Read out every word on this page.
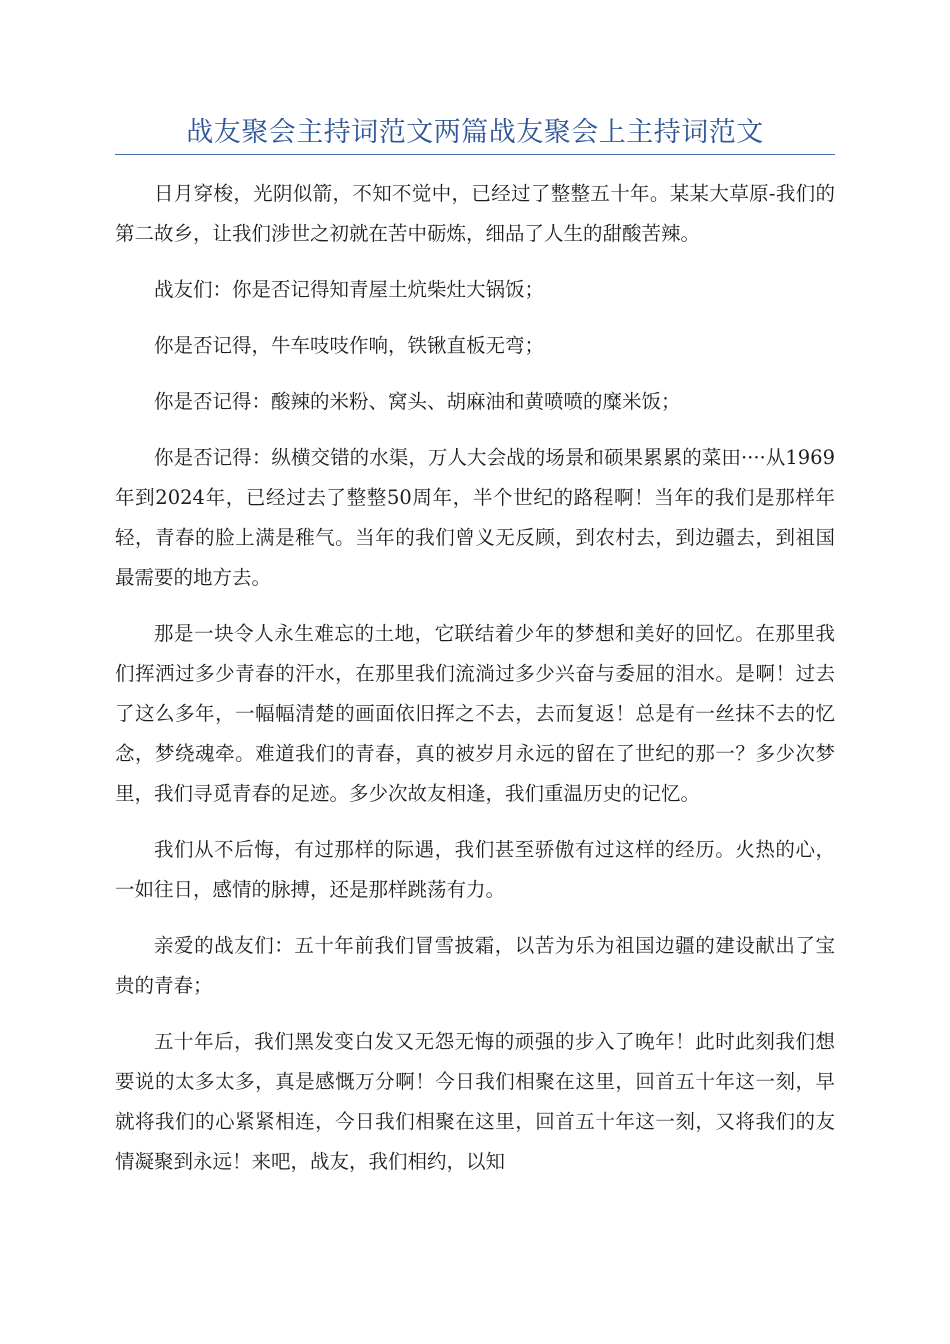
战友聚会主持词范文两篇战友聚会上主持词范文

日月穿梭，光阴似箭，不知不觉中，已经过了整整五十年。某某大草原-我们的第二故乡，让我们涉世之初就在苦中砺炼，细品了人生的甜酸苦辣。

战友们：你是否记得知青屋土炕柴灶大锅饭；

你是否记得，牛车吱吱作响，铁锹直板无弯；

你是否记得：酸辣的米粉、窝头、胡麻油和黄喷喷的糜米饭；

你是否记得：纵横交错的水渠，万人大会战的场景和硕果累累的菜田····从1969年到2024年，已经过去了整整50周年，半个世纪的路程啊！当年的我们是那样年轻，青春的脸上满是稚气。当年的我们曾义无反顾，到农村去，到边疆去，到祖国最需要的地方去。

那是一块令人永生难忘的土地，它联结着少年的梦想和美好的回忆。在那里我们挥洒过多少青春的汗水，在那里我们流淌过多少兴奋与委屈的泪水。是啊！过去了这么多年，一幅幅清楚的画面依旧挥之不去，去而复返！总是有一丝抹不去的忆念，梦绕魂牵。难道我们的青春，真的被岁月永远的留在了世纪的那一？多少次梦里，我们寻觅青春的足迹。多少次故友相逢，我们重温历史的记忆。

我们从不后悔，有过那样的际遇，我们甚至骄傲有过这样的经历。火热的心，一如往日，感情的脉搏，还是那样跳荡有力。

亲爱的战友们：五十年前我们冒雪披霜，以苦为乐为祖国边疆的建设献出了宝贵的青春；

五十年后，我们黑发变白发又无怨无悔的顽强的步入了晚年！此时此刻我们想要说的太多太多，真是感慨万分啊！今日我们相聚在这里，回首五十年这一刻，早就将我们的心紧紧相连，今日我们相聚在这里，回首五十年这一刻，又将我们的友情凝聚到永远！来吧，战友，我们相约，以知
